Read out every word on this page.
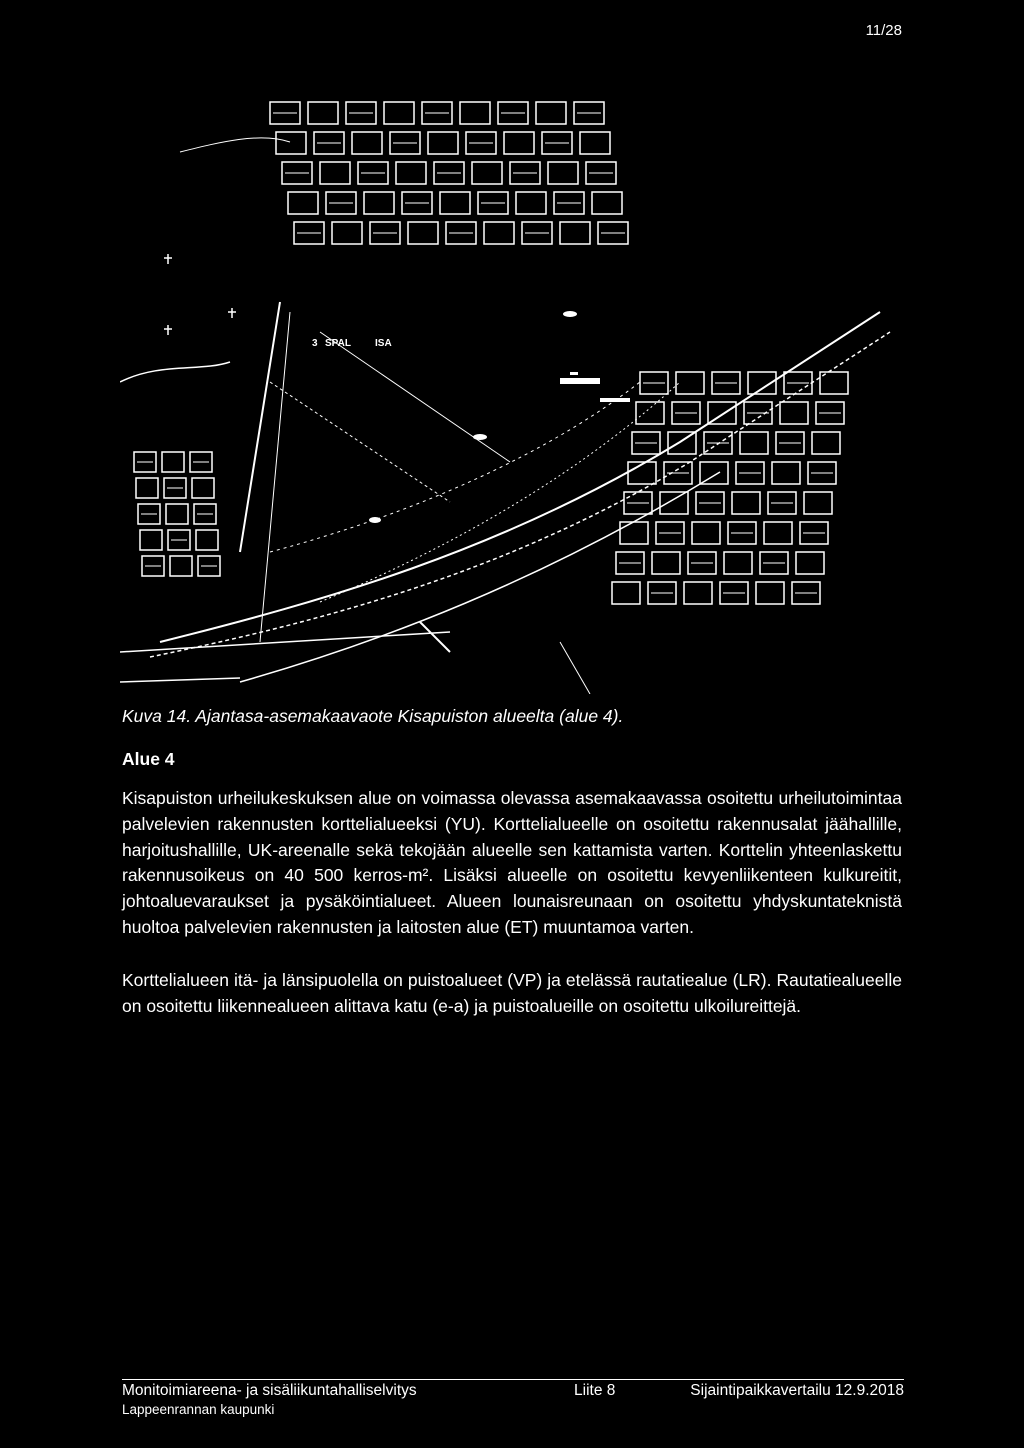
11/28
3 SPAL ISA
Kuva 14. Ajantasa-asemakaavaote Kisapuiston alueelta (alue 4).
Alue 4

Kisapuiston urheilukeskuksen alue on voimassa olevassa asemakaavassa osoitettu urheilutoimintaa palvelevien rakennusten korttelialueeksi (YU). Korttelialueelle on osoitettu rakennusalat jäähallille, harjoitushallille, UK-areenalle sekä tekojään alueelle sen kattamista varten. Korttelin yhteenlaskettu rakennusoikeus on 40 500 kerros-m². Lisäksi alueelle on osoitettu kevyenliikenteen kulkureitit, johtoaluevaraukset ja pysäköintialueet. Alueen lounaisreunaan on osoitettu yhdyskuntateknistä huoltoa palvelevien rakennusten ja laitosten alue (ET) muuntamoa varten.

Korttelialueen itä- ja länsipuolella on puistoalueet (VP) ja etelässä rautatiealue (LR). Rautatiealueelle on osoitettu liikennealueen alittava katu (e-a) ja puistoalueille on osoitettu ulkoilureittejä.

Monitoimiareena- ja sisäliikuntahalliselvitys	Liite 8	Sijaintipaikkavertailu 12.9.2018
Lappeenrannan kaupunki
